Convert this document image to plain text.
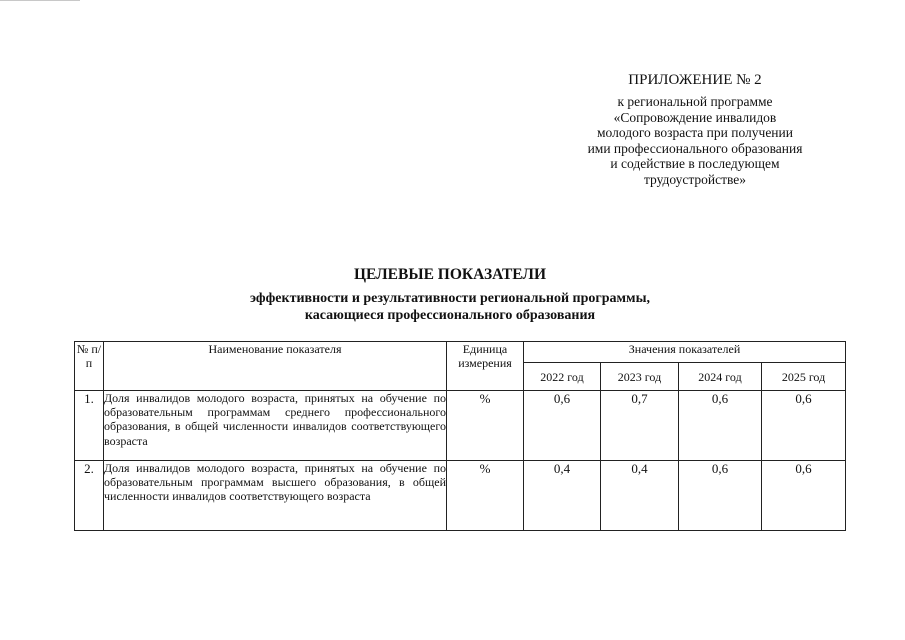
ПРИЛОЖЕНИЕ № 2
к региональной программе
«Сопровождение инвалидов
молодого возраста при получении
ими профессионального образования
и содействие в последующем
трудоустройстве»
ЦЕЛЕВЫЕ ПОКАЗАТЕЛИ
эффективности и результативности региональной программы,
касающиеся профессионального образования
№ п/п	Наименование показателя	Единица измерения	Значения показателей			
			2022 год	2023 год	2024 год	2025 год
1.	Доля инвалидов молодого возраста, принятых на обучение по образовательным программам среднего профессионального образования, в общей численности инвалидов соответствующего возраста	%	0,6	0,7	0,6	0,6
2.	Доля инвалидов молодого возраста, принятых на обучение по образовательным программам высшего образования, в общей численности инвалидов соответствующего возраста	%	0,4	0,4	0,6	0,6
